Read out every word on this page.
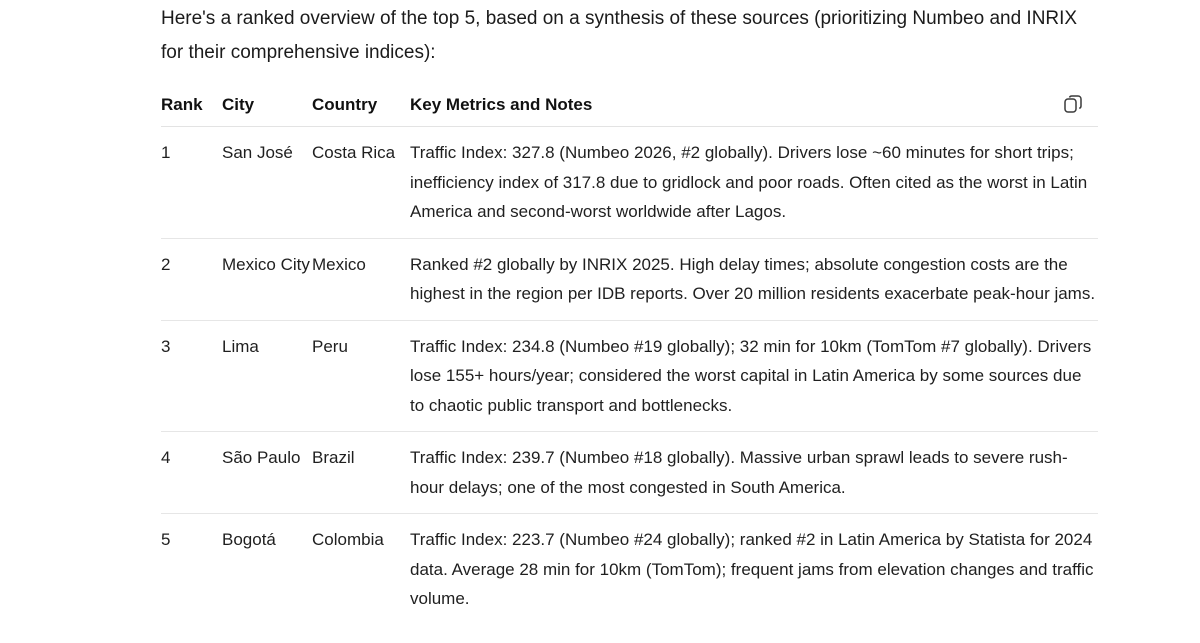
Here's a ranked overview of the top 5, based on a synthesis of these sources (prioritizing Numbeo and INRIX for their comprehensive indices):

Rank	City	Country	Key Metrics and Notes

1	San José	Costa Rica	Traffic Index: 327.8 (Numbeo 2026, #2 globally). Drivers lose ~60 minutes for short trips; inefficiency index of 317.8 due to gridlock and poor roads. Often cited as the worst in Latin America and second-worst worldwide after Lagos.
2	Mexico City	Mexico	Ranked #2 globally by INRIX 2025. High delay times; absolute congestion costs are the highest in the region per IDB reports. Over 20 million residents exacerbate peak-hour jams.
3	Lima	Peru	Traffic Index: 234.8 (Numbeo #19 globally); 32 min for 10km (TomTom #7 globally). Drivers lose 155+ hours/year; considered the worst capital in Latin America by some sources due to chaotic public transport and bottlenecks.
4	São Paulo	Brazil	Traffic Index: 239.7 (Numbeo #18 globally). Massive urban sprawl leads to severe rush-hour delays; one of the most congested in South America.
5	Bogotá	Colombia	Traffic Index: 223.7 (Numbeo #24 globally); ranked #2 in Latin America by Statista for 2024 data. Average 28 min for 10km (TomTom); frequent jams from elevation changes and traffic volume.
